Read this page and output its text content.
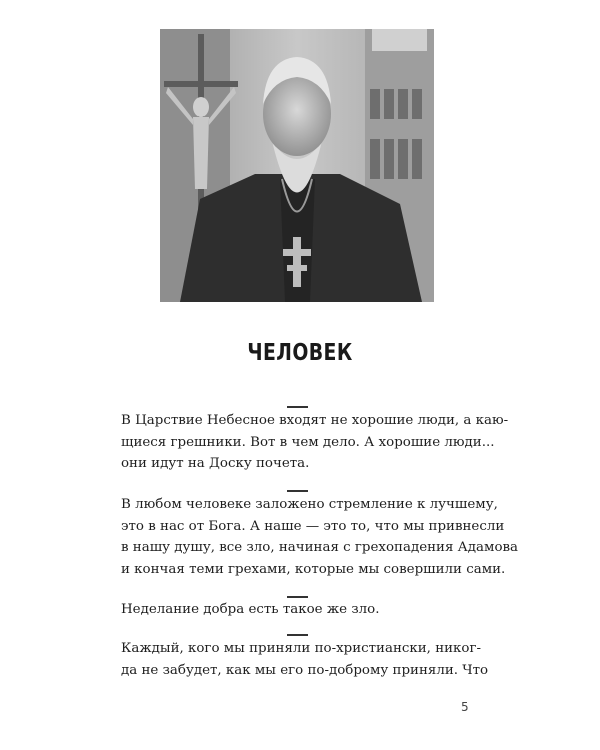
ЧЕЛОВЕК
В Царствие Небесное входят не хорошие люди, а каю-
щиеся грешники. Вот в чем дело. А хорошие люди...
они идут на Доску почета.
В любом человеке заложено стремление к лучшему,
это в нас от Бога. А наше — это то, что мы привнесли
в нашу душу, все зло, начиная с грехопадения Адамова
и кончая теми грехами, которые мы совершили сами.
Неделание добра есть такое же зло.
Каждый, кого мы приняли по-христиански, никог-
да не забудет, как мы его по-доброму приняли. Что
5
